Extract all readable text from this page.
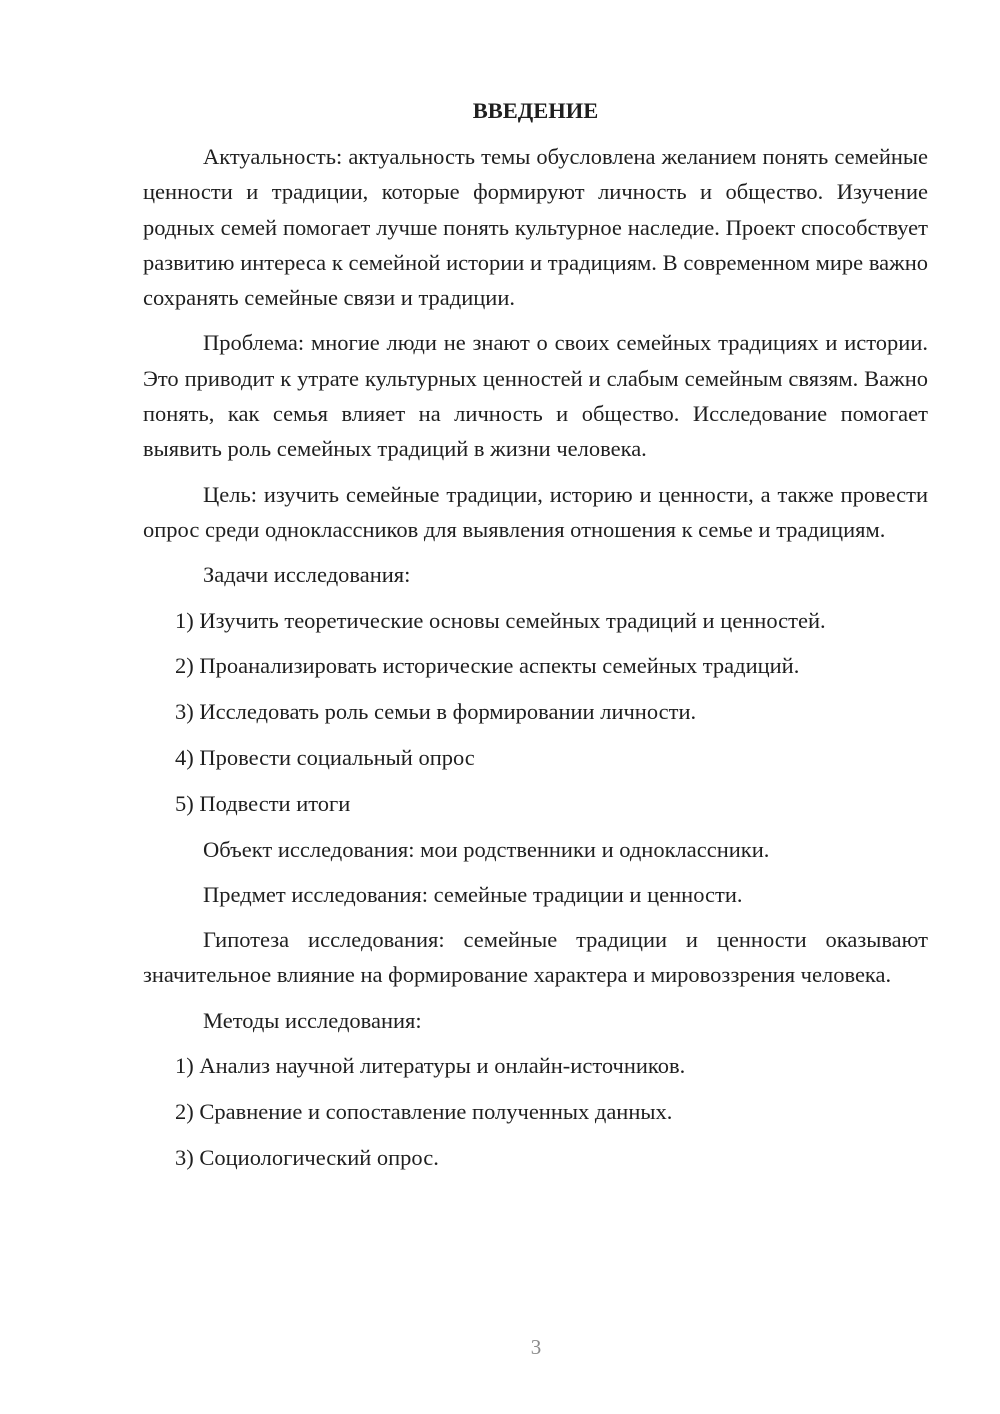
ВВЕДЕНИЕ

Актуальность: актуальность темы обусловлена желанием понять семейные ценности и традиции, которые формируют личность и общество. Изучение родных семей помогает лучше понять культурное наследие. Проект способствует развитию интереса к семейной истории и традициям. В современном мире важно сохранять семейные связи и традиции.

Проблема: многие люди не знают о своих семейных традициях и истории. Это приводит к утрате культурных ценностей и слабым семейным связям. Важно понять, как семья влияет на личность и общество. Исследование помогает выявить роль семейных традиций в жизни человека.

Цель: изучить семейные традиции, историю и ценности, а также провести опрос среди одноклассников для выявления отношения к семье и традициям.

Задачи исследования:
1) Изучить теоретические основы семейных традиций и ценностей.
2) Проанализировать исторические аспекты семейных традиций.
3) Исследовать роль семьи в формировании личности.
4) Провести социальный опрос
5) Подвести итоги
Объект исследования: мои родственники и одноклассники.
Предмет исследования: семейные традиции и ценности.

Гипотеза исследования: семейные традиции и ценности оказывают значительное влияние на формирование характера и мировоззрения человека.

Методы исследования:
1) Анализ научной литературы и онлайн-источников.
2) Сравнение и сопоставление полученных данных.
3) Социологический опрос.
3
